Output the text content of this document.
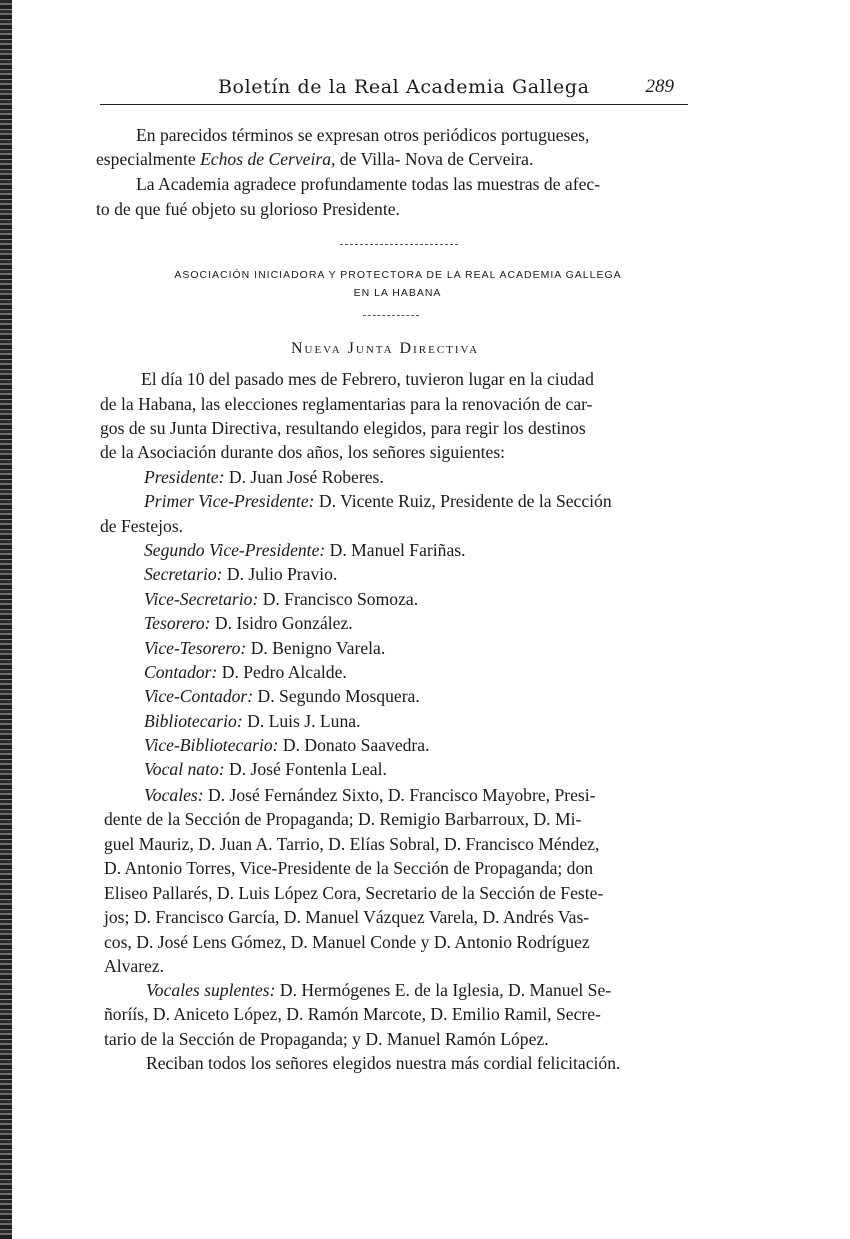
Boletín de la Real Academia Gallega	289
En parecidos términos se expresan otros periódicos portugueses,
especialmente Echos de Cerveira, de Villa- Nova de Cerveira.
La Academia agradece profundamente todas las muestras de afec-
to de que fué objeto su glorioso Presidente.
ASOCIACIÓN INICIADORA Y PROTECTORA DE LA REAL ACADEMIA GALLEGA
EN LA HABANA
Nueva Junta Directiva
El día 10 del pasado mes de Febrero, tuvieron lugar en la ciudad
de la Habana, las elecciones reglamentarias para la renovación de car-
gos de su Junta Directiva, resultando elegidos, para regir los destinos
de la Asociación durante dos años, los señores siguientes:
Presidente: D. Juan José Roberes.
Primer Vice-Presidente: D. Vicente Ruiz, Presidente de la Sección
de Festejos.
Segundo Vice-Presidente: D. Manuel Fariñas.
Secretario: D. Julio Pravio.
Vice-Secretario: D. Francisco Somoza.
Tesorero: D. Isidro González.
Vice-Tesorero: D. Benigno Varela.
Contador: D. Pedro Alcalde.
Vice-Contador: D. Segundo Mosquera.
Bibliotecario: D. Luis J. Luna.
Vice-Bibliotecario: D. Donato Saavedra.
Vocal nato: D. José Fontenla Leal.
Vocales: D. José Fernández Sixto, D. Francisco Mayobre, Presi-
dente de la Sección de Propaganda; D. Remigio Barbarroux, D. Mi-
guel Mauriz, D. Juan A. Tarrio, D. Elías Sobral, D. Francisco Méndez,
D. Antonio Torres, Vice-Presidente de la Sección de Propaganda; don
Eliseo Pallarés, D. Luis López Cora, Secretario de la Sección de Feste-
jos; D. Francisco García, D. Manuel Vázquez Varela, D. Andrés Vas-
cos, D. José Lens Gómez, D. Manuel Conde y D. Antonio Rodríguez
Alvarez.
Vocales suplentes: D. Hermógenes E. de la Iglesia, D. Manuel Se-
ñoríís, D. Aniceto López, D. Ramón Marcote, D. Emilio Ramil, Secre-
tario de la Sección de Propaganda; y D. Manuel Ramón López.
Reciban todos los señores elegidos nuestra más cordial felicitación.
